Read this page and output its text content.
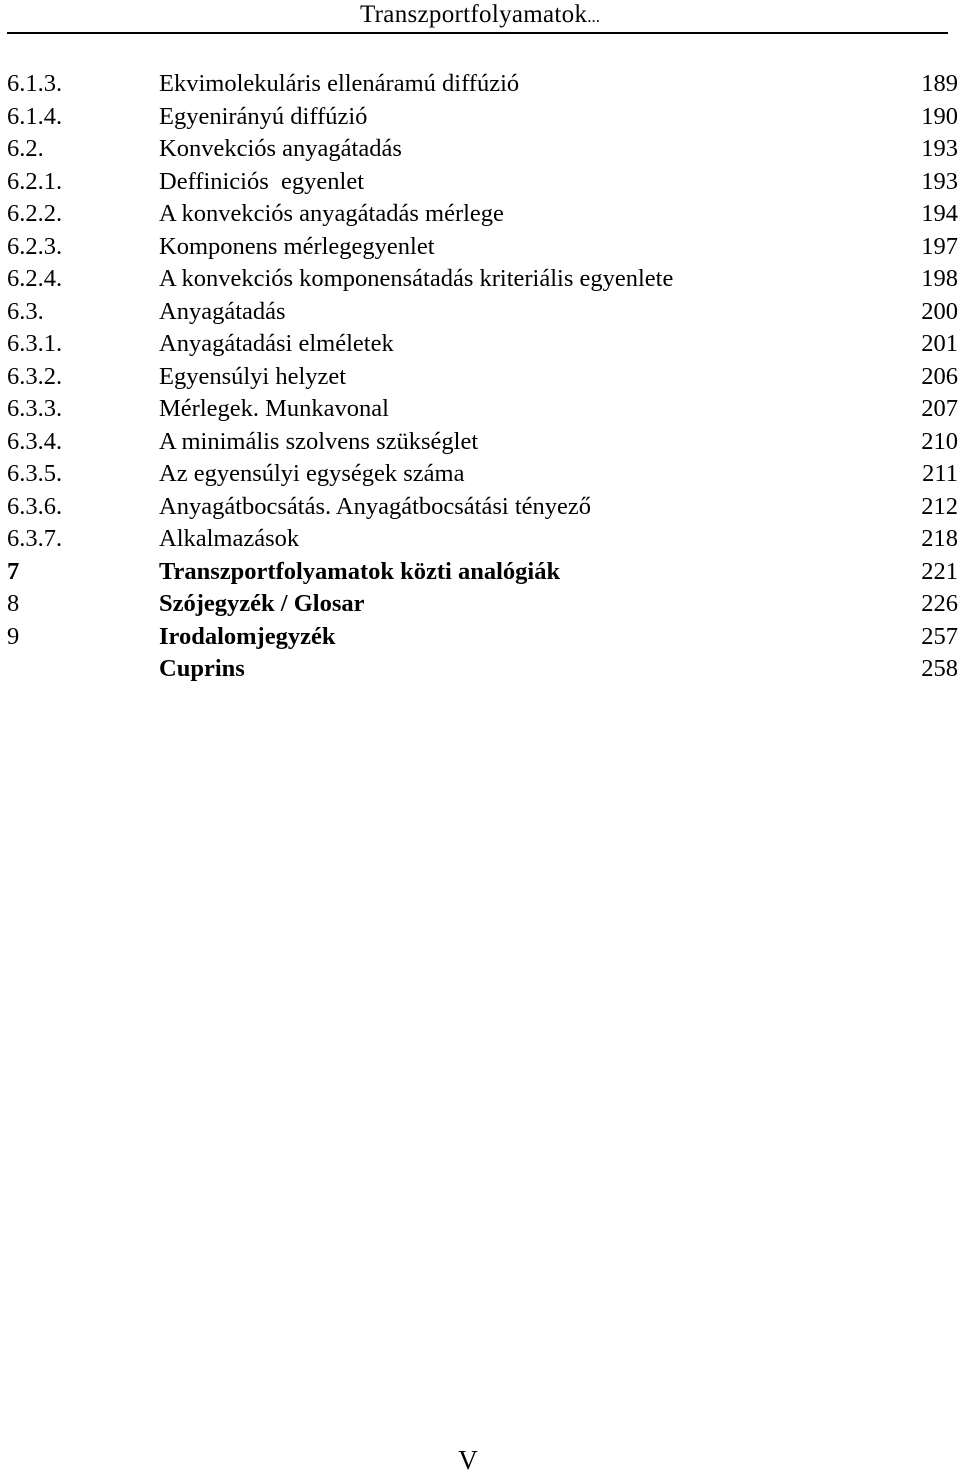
Transzportfolyamatok...
6.1.3.	Ekvimolekuláris ellenáramú diffúzió	189
6.1.4.	Egyenirányú diffúzió	190
6.2.	Konvekciós anyagátadás	193
6.2.1.	Deffiniciós  egyenlet	193
6.2.2.	A konvekciós anyagátadás mérlege	194
6.2.3.	Komponens mérlegegyenlet	197
6.2.4.	A konvekciós komponensátadás kriteriális egyenlete	198
6.3.	Anyagátadás	200
6.3.1.	Anyagátadási elméletek	201
6.3.2.	Egyensúlyi helyzet	206
6.3.3.	Mérlegek. Munkavonal	207
6.3.4.	A minimális szolvens szükséglet	210
6.3.5.	Az egyensúlyi egységek száma	211
6.3.6.	Anyagátbocsátás. Anyagátbocsátási tényező	212
6.3.7.	Alkalmazások	218
7	Transzportfolyamatok közti analógiák	221
8	Szójegyzék / Glosar	226
9	Irodalomjegyzék	257
Cuprins	258
V
